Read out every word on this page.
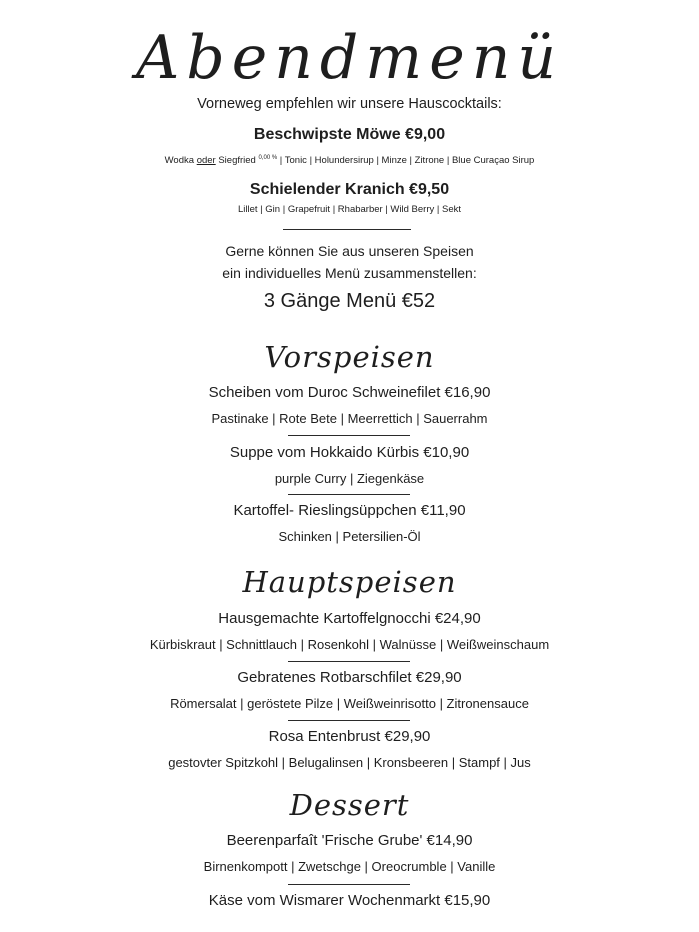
Abendmenü
Vorneweg empfehlen wir unsere Hauscocktails:
Beschwipste Möwe €9,00
Wodka oder Siegfried $^{0,00 \%}$ | Tonic | Holundersirup | Minze | Zitrone | Blue Curaçao Sirup
Schielender Kranich €9,50
Lillet | Gin | Grapefruit | Rhabarber | Wild Berry | Sekt
Gerne können Sie aus unseren Speisen
ein individuelles Menü zusammenstellen:
3 Gänge Menü €52
Vorspeisen
Scheiben vom Duroc Schweinefilet €16,90
Pastinake | Rote Bete | Meerrettich | Sauerrahm
Suppe vom Hokkaido Kürbis €10,90
purple Curry | Ziegenkäse
Kartoffel- Rieslingsüppchen €11,90
Schinken | Petersilien-Öl
Hauptspeisen
Hausgemachte Kartoffelgnocchi €24,90
Kürbiskraut | Schnittlauch | Rosenkohl | Walnüsse | Weißweinschaum
Gebratenes Rotbarschfilet €29,90
Römersalat | geröstete Pilze | Weißweinrisotto | Zitronensauce
Rosa Entenbrust €29,90
gestovter Spitzkohl | Belugalinsen | Kronsbeeren | Stampf | Jus
Dessert
Beerenparfaît 'Frische Grube' €14,90
Birnenkompott | Zwetschge | Oreocrumble | Vanille
Käse vom Wismarer Wochenmarkt €15,90
